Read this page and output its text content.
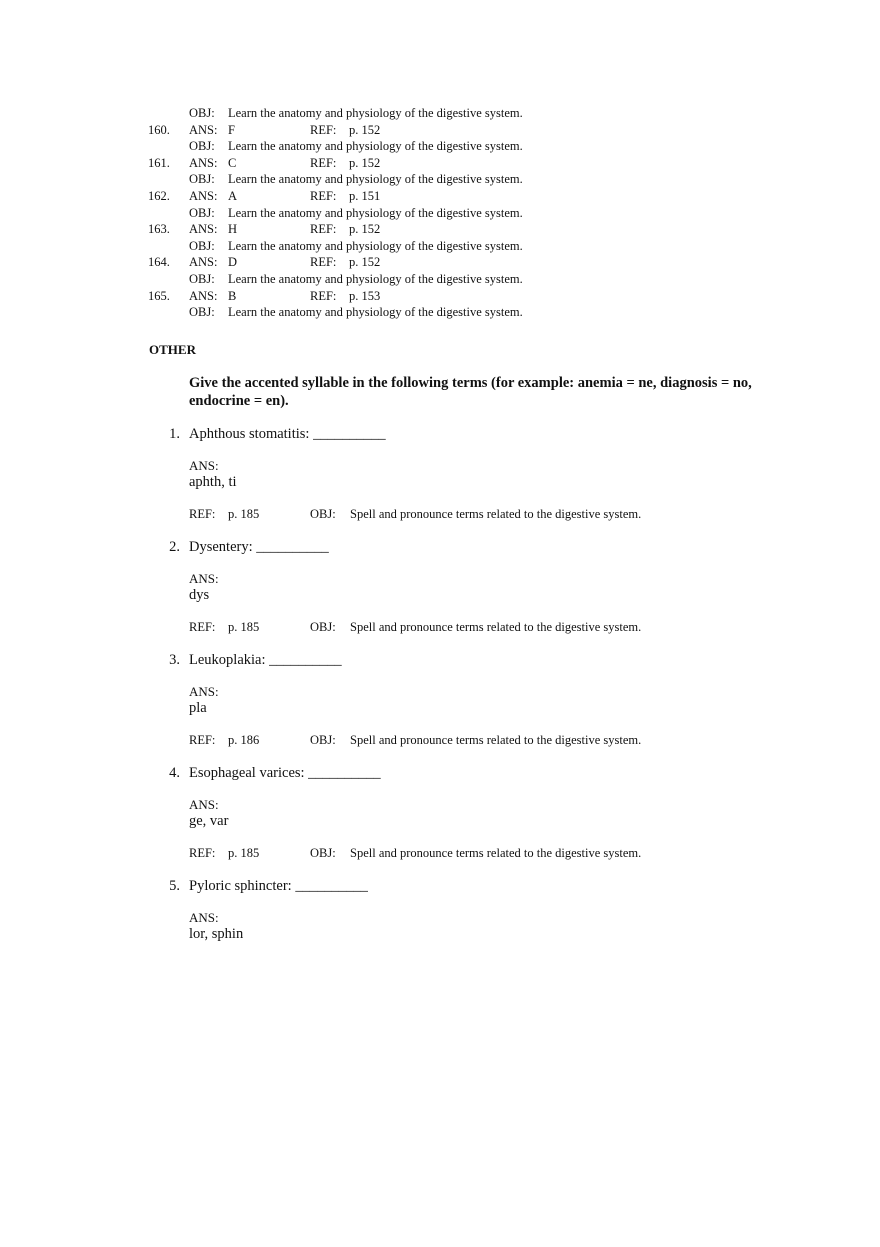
OBJ: Learn the anatomy and physiology of the digestive system.
160.	ANS: F	REF: p. 152
OBJ: Learn the anatomy and physiology of the digestive system.
161.	ANS: C	REF: p. 152
OBJ: Learn the anatomy and physiology of the digestive system.
162.	ANS: A	REF: p. 151
OBJ: Learn the anatomy and physiology of the digestive system.
163.	ANS: H	REF: p. 152
OBJ: Learn the anatomy and physiology of the digestive system.
164.	ANS: D	REF: p. 152
OBJ: Learn the anatomy and physiology of the digestive system.
165.	ANS: B	REF: p. 153
OBJ: Learn the anatomy and physiology of the digestive system.
OTHER
Give the accented syllable in the following terms (for example: anemia = ne, diagnosis = no, endocrine = en).
1. Aphthous stomatitis: __________
ANS:
aphth, ti
REF: p. 185	OBJ: Spell and pronounce terms related to the digestive system.
2. Dysentery: __________
ANS:
dys
REF: p. 185	OBJ: Spell and pronounce terms related to the digestive system.
3. Leukoplakia: __________
ANS:
pla
REF: p. 186	OBJ: Spell and pronounce terms related to the digestive system.
4. Esophageal varices: __________
ANS:
ge, var
REF: p. 185	OBJ: Spell and pronounce terms related to the digestive system.
5. Pyloric sphincter: __________
ANS:
lor, sphin
